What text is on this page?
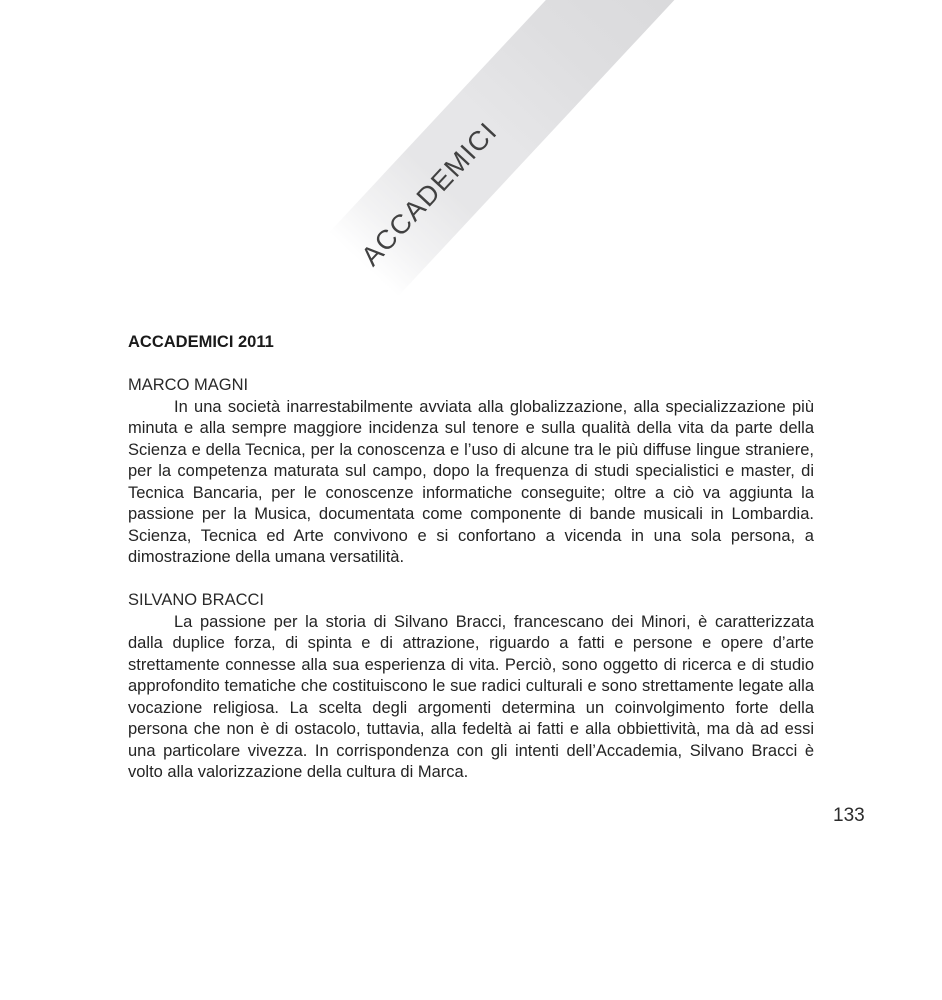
ACCADEMICI

ACCADEMICI 2011

MARCO MAGNI

In una società inarrestabilmente avviata alla globalizzazione, alla specializzazione più minuta e alla sempre maggiore incidenza sul tenore e sulla qualità della vita da parte della Scienza e della Tecnica, per la conoscenza e l’uso di alcune tra le più diffuse lingue straniere, per la competenza maturata sul campo, dopo la frequenza di studi specialistici e master, di Tecnica Bancaria, per le conoscenze informatiche conseguite; oltre a ciò va aggiunta la passione per la Musica, documentata come componente di bande musicali in Lombardia. Scienza, Tecnica ed Arte convivono e si confortano a vicenda in una sola persona, a dimostrazione della umana versatilità.

SILVANO BRACCI

La passione per la storia di Silvano Bracci, francescano dei Minori, è caratterizzata dalla duplice forza, di spinta e di attrazione, riguardo a fatti e persone e opere d’arte strettamente connesse alla sua esperienza di vita. Perciò, sono oggetto di ricerca e di studio approfondito tematiche che costituiscono le sue radici culturali e sono strettamente legate alla vocazione religiosa. La scelta degli argomenti determina un coinvolgimento forte della persona che non è di ostacolo, tuttavia, alla fedeltà ai fatti e alla obbiettività, ma dà ad essi una particolare vivezza. In corrispondenza con gli intenti dell’Accademia, Silvano Bracci è volto alla valorizzazione della cultura di Marca.

133
